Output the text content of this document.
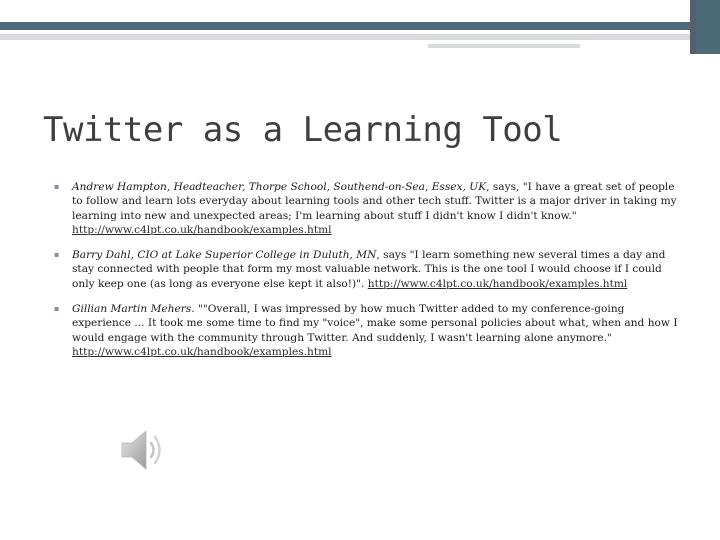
Twitter as a Learning Tool
▪ Andrew Hampton, Headteacher, Thorpe School, Southend-on-Sea, Essex, UK, says, "I have a great set of people to follow and learn lots everyday about learning tools and other tech stuff. Twitter is a major driver in taking my learning into new and unexpected areas; I'm learning about stuff I didn't know I didn't know." http://www.c4lpt.co.uk/handbook/examples.html
▪ Barry Dahl, CIO at Lake Superior College in Duluth, MN, says "I learn something new several times a day and stay connected with people that form my most valuable network. This is the one tool I would choose if I could only keep one (as long as everyone else kept it also!)". http://www.c4lpt.co.uk/handbook/examples.html
▪ Gillian Martin Mehers. ""Overall, I was impressed by how much Twitter added to my conference-going experience ... It took me some time to find my "voice", make some personal policies about what, when and how I would engage with the community through Twitter. And suddenly, I wasn't learning alone anymore." http://www.c4lpt.co.uk/handbook/examples.html
